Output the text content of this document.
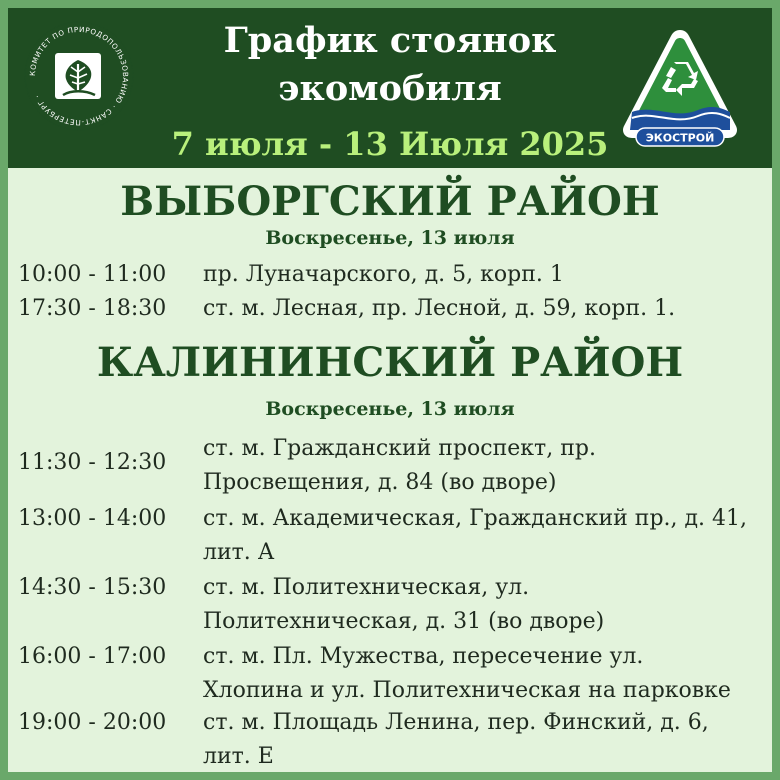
КОМИТЕТ ПО ПРИРОДОПОЛЬЗОВАНИЮ · САНКТ-ПЕТЕРБУРГ ·
График стоянок
экомобиля
7 июля - 13 Июля 2025	ЭКОСТРОЙ
ВЫБОРГСКИЙ РАЙОН
Воскресенье, 13 июля
10:00 - 11:00 пр. Луначарского, д. 5, корп. 1
17:30 - 18:30 ст. м. Лесная, пр. Лесной, д. 59, корп. 1.
КАЛИНИНСКИЙ РАЙОН
Воскресенье, 13 июля
11:30 - 12:30
ст. м. Гражданский проспект, пр.
Просвещения, д. 84 (во дворе)
13:00 - 14:00 ст. м. Академическая, Гражданский пр., д. 41,
лит. А
14:30 - 15:30 ст. м. Политехническая, ул.
Политехническая, д. 31 (во дворе)
16:00 - 17:00 ст. м. Пл. Мужества, пересечение ул.
Хлопина и ул. Политехническая на парковке
19:00 - 20:00 ст. м. Площадь Ленина, пер. Финский, д. 6,
лит. Е
